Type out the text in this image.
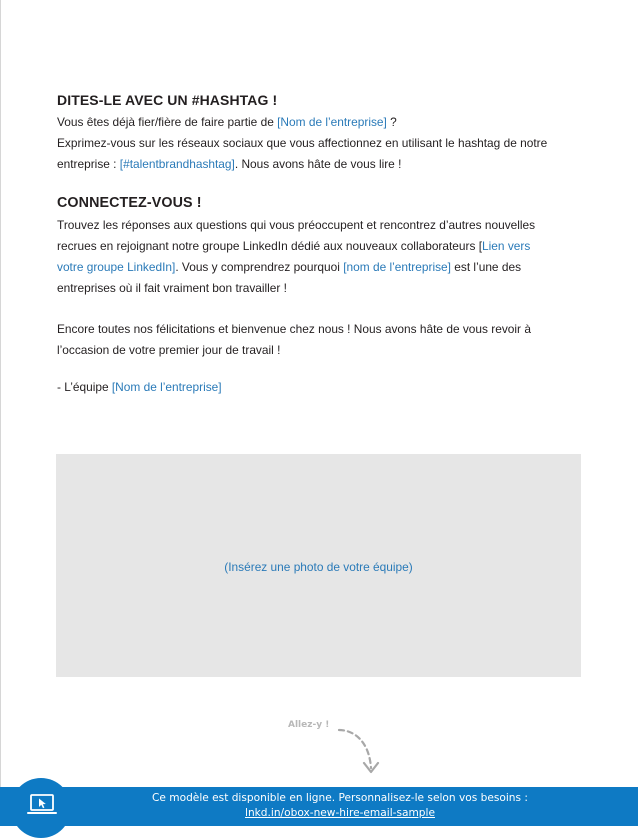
DITES-LE AVEC UN #HASHTAG !

Vous êtes déjà fier/fière de faire partie de [Nom de l’entreprise] ?

Exprimez-vous sur les réseaux sociaux que vous affectionnez en utilisant le hashtag de notre

entreprise : [#talentbrandhashtag]. Nous avons hâte de vous lire !

CONNECTEZ-VOUS !

Trouvez les réponses aux questions qui vous préoccupent et rencontrez d’autres nouvelles

recrues en rejoignant notre groupe LinkedIn dédié aux nouveaux collaborateurs [Lien vers

votre groupe LinkedIn]. Vous y comprendrez pourquoi [nom de l’entreprise] est l’une des

entreprises où il fait vraiment bon travailler !

Encore toutes nos félicitations et bienvenue chez nous ! Nous avons hâte de vous revoir à

l’occasion de votre premier jour de travail !

- L’équipe [Nom de l’entreprise]

(Insérez une photo de votre équipe)
Allez-y !
Ce modèle est disponible en ligne. Personnalisez-le selon vos besoins :
lnkd.in/obox-new-hire-email-sample
